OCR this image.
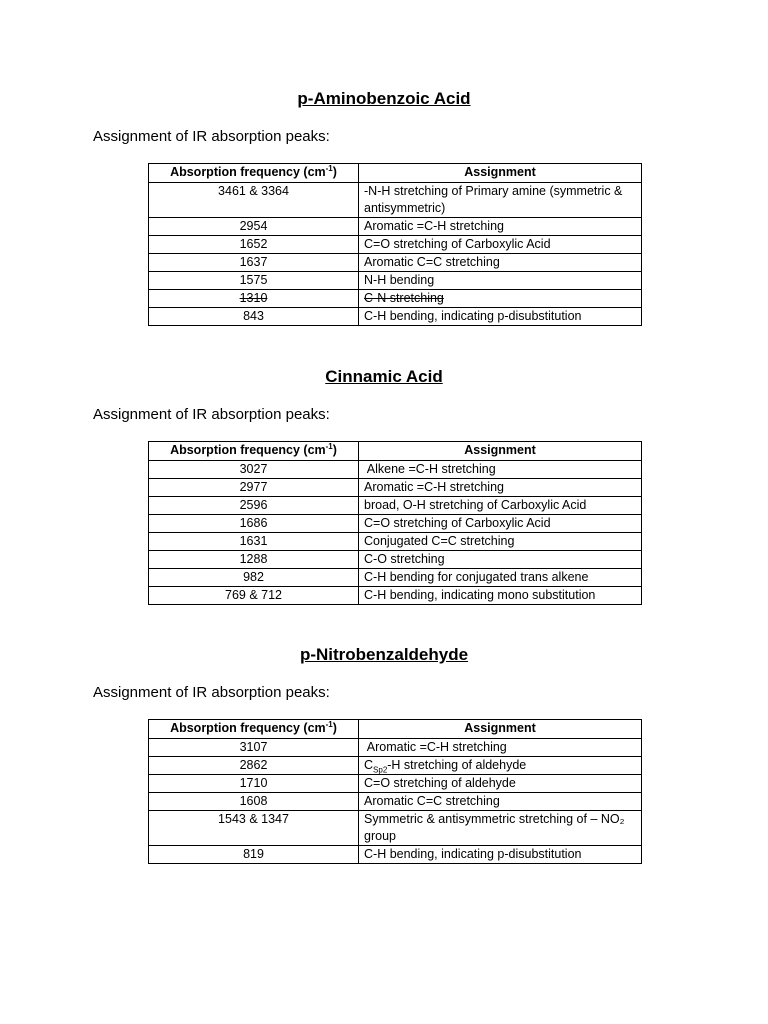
p-Aminobenzoic Acid

Assignment of IR absorption peaks:

Absorption frequency $(cm^{-1})$	Assignment
3461 & 3364	-N-H stretching of Primary amine (symmetric & antisymmetric)
2954	Aromatic =C-H stretching
1652	C=O stretching of Carboxylic Acid
1637	Aromatic C=C stretching
1575	N-H bending
1310	C-N stretching
843	C-H bending, indicating p-disubstitution
Cinnamic Acid

Assignment of IR absorption peaks:

Absorption frequency $(cm^{-1})$	Assignment
3027	Alkene =C-H stretching
2977	Aromatic =C-H stretching
2596	broad, O-H stretching of Carboxylic Acid
1686	C=O stretching of Carboxylic Acid
1631	Conjugated C=C stretching
1288	C-O stretching
982	C-H bending for conjugated trans alkene
769 & 712	C-H bending, indicating mono substitution
p-Nitrobenzaldehyde

Assignment of IR absorption peaks:

Absorption frequency $(cm^{-1})$	Assignment
3107	Aromatic =C-H stretching
2862	$C_{Sp2}-H$ stretching of aldehyde
1710	C=O stretching of aldehyde
1608	Aromatic C=C stretching
1543 & 1347	Symmetric & antisymmetric stretching of – NO₂ group
819	C-H bending, indicating p-disubstitution
